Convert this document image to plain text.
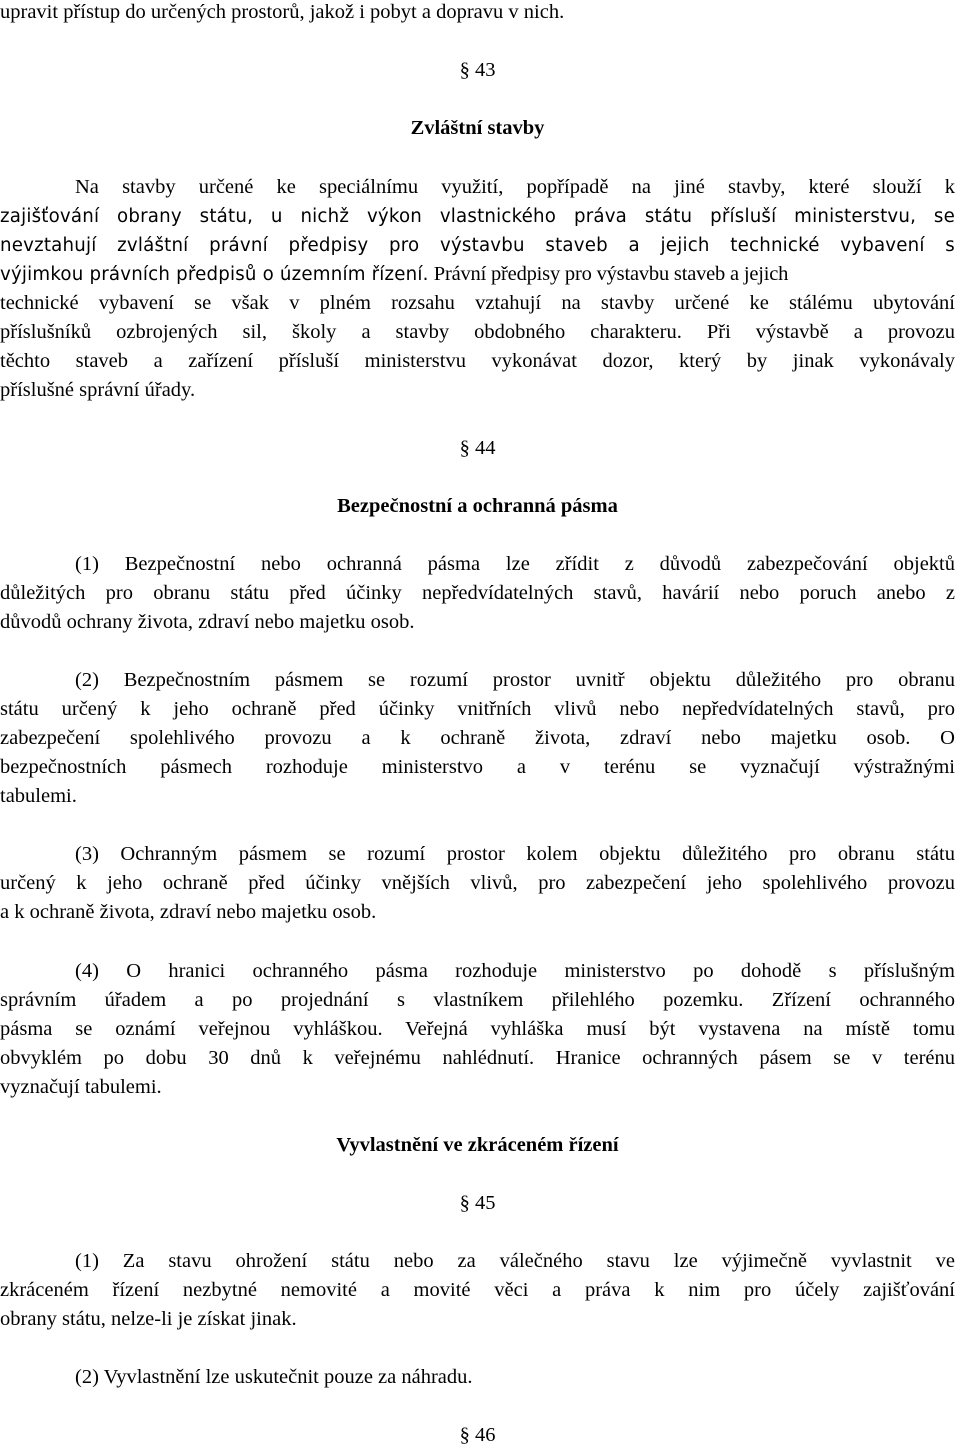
upravit přístup do určených prostorů, jakož i pobyt a dopravu v nich.
§ 43
Zvláštní stavby
Na stavby určené ke speciálnímu využití, popřípadě na jiné stavby, které slouží k
zajišťování obrany státu, u nichž výkon vlastnického práva státu přísluší ministerstvu, se
nevztahují zvláštní právní předpisy pro výstavbu staveb a jejich technické vybavení s
výjimkou právních předpisů o územním řízení. Právní předpisy pro výstavbu staveb a jejich
technické vybavení se však v plném rozsahu vztahují na stavby určené ke stálému ubytování
příslušníků ozbrojených sil, školy a stavby obdobného charakteru. Při výstavbě a provozu
těchto staveb a zařízení přísluší ministerstvu vykonávat dozor, který by jinak vykonávaly
příslušné správní úřady.
§ 44
Bezpečnostní a ochranná pásma
(1) Bezpečnostní nebo ochranná pásma lze zřídit z důvodů zabezpečování objektů
důležitých pro obranu státu před účinky nepředvídatelných stavů, havárií nebo poruch anebo z
důvodů ochrany života, zdraví nebo majetku osob.
(2) Bezpečnostním pásmem se rozumí prostor uvnitř objektu důležitého pro obranu
státu určený k jeho ochraně před účinky vnitřních vlivů nebo nepředvídatelných stavů, pro
zabezpečení spolehlivého provozu a k ochraně života, zdraví nebo majetku osob. O
bezpečnostních pásmech rozhoduje ministerstvo a v terénu se vyznačují výstražnými
tabulemi.
(3) Ochranným pásmem se rozumí prostor kolem objektu důležitého pro obranu státu
určený k jeho ochraně před účinky vnějších vlivů, pro zabezpečení jeho spolehlivého provozu
a k ochraně života, zdraví nebo majetku osob.
(4) O hranici ochranného pásma rozhoduje ministerstvo po dohodě s příslušným
správním úřadem a po projednání s vlastníkem přilehlého pozemku. Zřízení ochranného
pásma se oznámí veřejnou vyhláškou. Veřejná vyhláška musí být vystavena na místě tomu
obvyklém po dobu 30 dnů k veřejnému nahlédnutí. Hranice ochranných pásem se v terénu
vyznačují tabulemi.
Vyvlastnění ve zkráceném řízení
§ 45
(1) Za stavu ohrožení státu nebo za válečného stavu lze výjimečně vyvlastnit ve
zkráceném řízení nezbytné nemovité a movité věci a práva k nim pro účely zajišťování
obrany státu, nelze-li je získat jinak.
(2) Vyvlastnění lze uskutečnit pouze za náhradu.
§ 46
